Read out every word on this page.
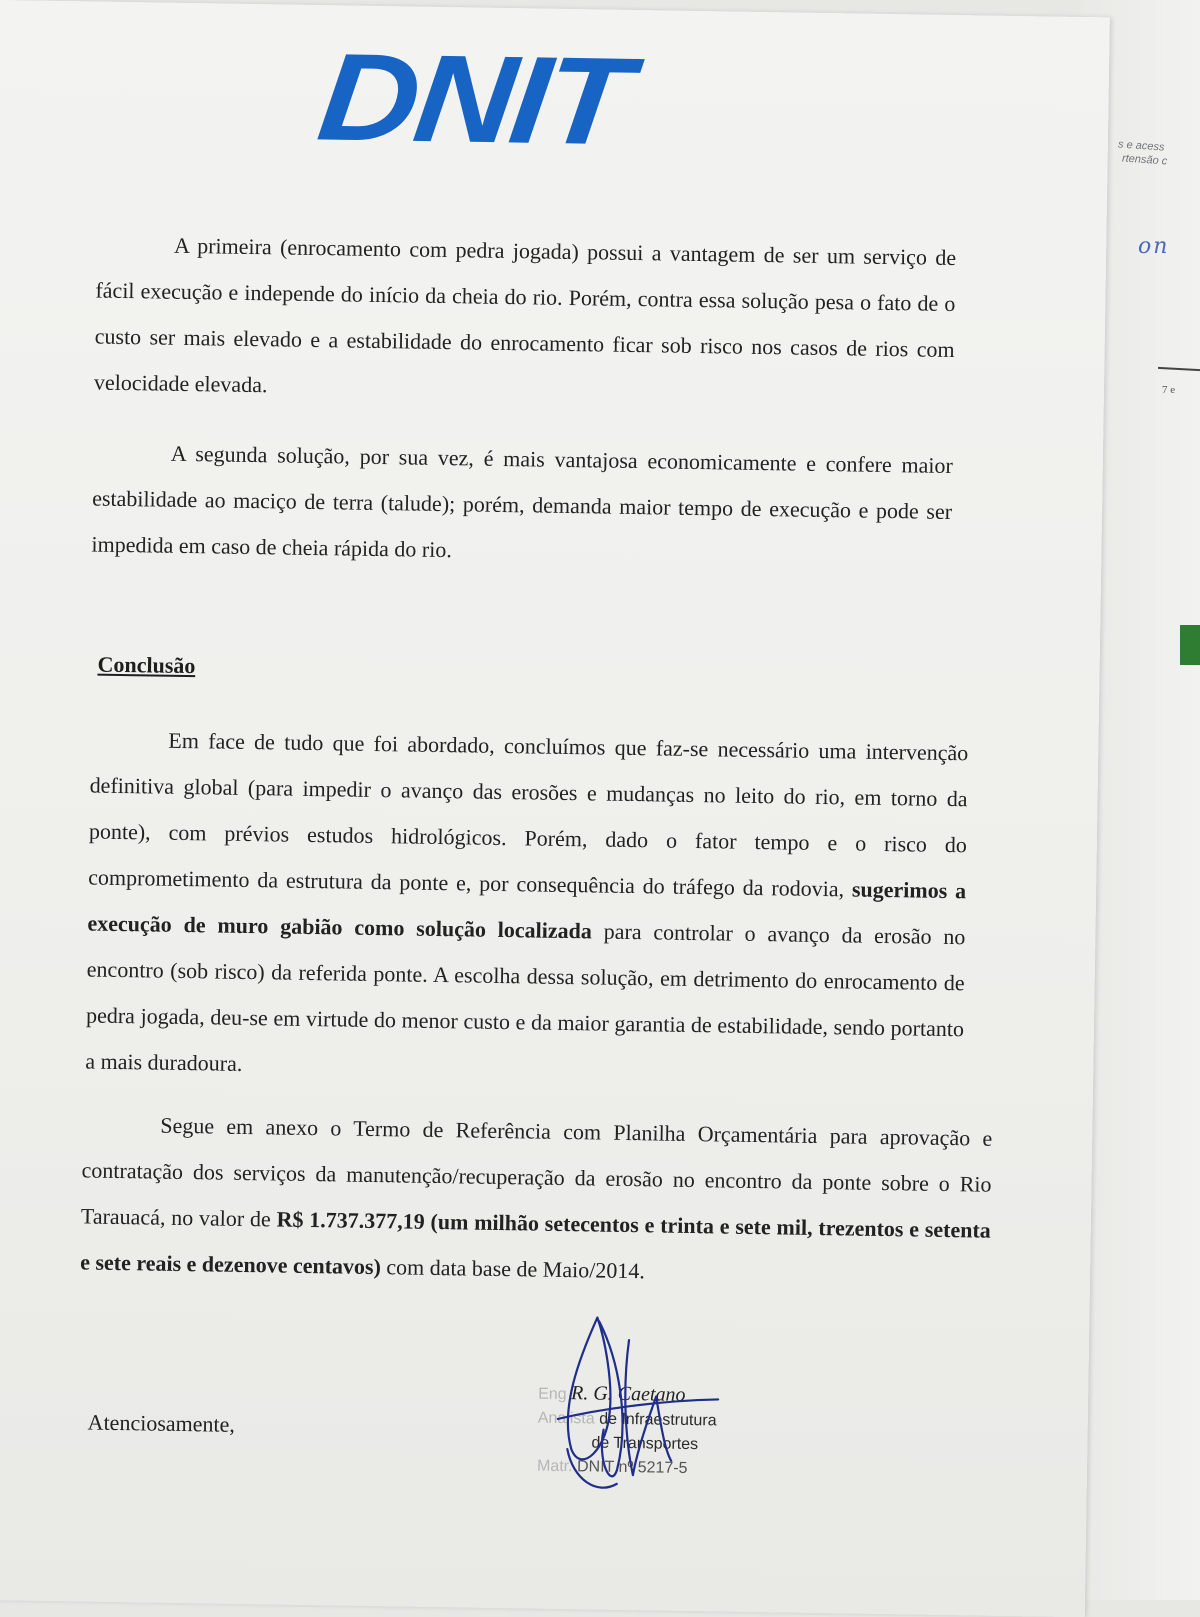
s e acess
rtensão c
on
7 e
DNIT

A primeira (enrocamento com pedra jogada) possui a vantagem de ser um serviço de fácil execução e independe do início da cheia do rio. Porém, contra essa solução pesa o fato de o custo ser mais elevado e a estabilidade do enrocamento ficar sob risco nos casos de rios com velocidade elevada.

A segunda solução, por sua vez, é mais vantajosa economicamente e confere maior estabilidade ao maciço de terra (talude); porém, demanda maior tempo de execução e pode ser impedida em caso de cheia rápida do rio.

Conclusão

Em face de tudo que foi abordado, concluímos que faz-se necessário uma intervenção definitiva global (para impedir o avanço das erosões e mudanças no leito do rio, em torno da ponte), com prévios estudos hidrológicos. Porém, dado o fator tempo e o risco do comprometimento da estrutura da ponte e, por consequência do tráfego da rodovia, sugerimos a execução de muro gabião como solução localizada para controlar o avanço da erosão no encontro (sob risco) da referida ponte. A escolha dessa solução, em detrimento do enrocamento de pedra jogada, deu-se em virtude do menor custo e da maior garantia de estabilidade, sendo portanto a mais duradoura.

Segue em anexo o Termo de Referência com Planilha Orçamentária para aprovação e contratação dos serviços da manutenção/recuperação da erosão no encontro da ponte sobre o Rio Tarauacá, no valor de R$ 1.737.377,19 (um milhão setecentos e trinta e sete mil, trezentos e setenta e sete reais e dezenove centavos) com data base de Maio/2014.

Atenciosamente,
Eng R. G. Caetano
Analista de Infraestrutura
de Transportes
Matr. DNIT nº 5217-5
